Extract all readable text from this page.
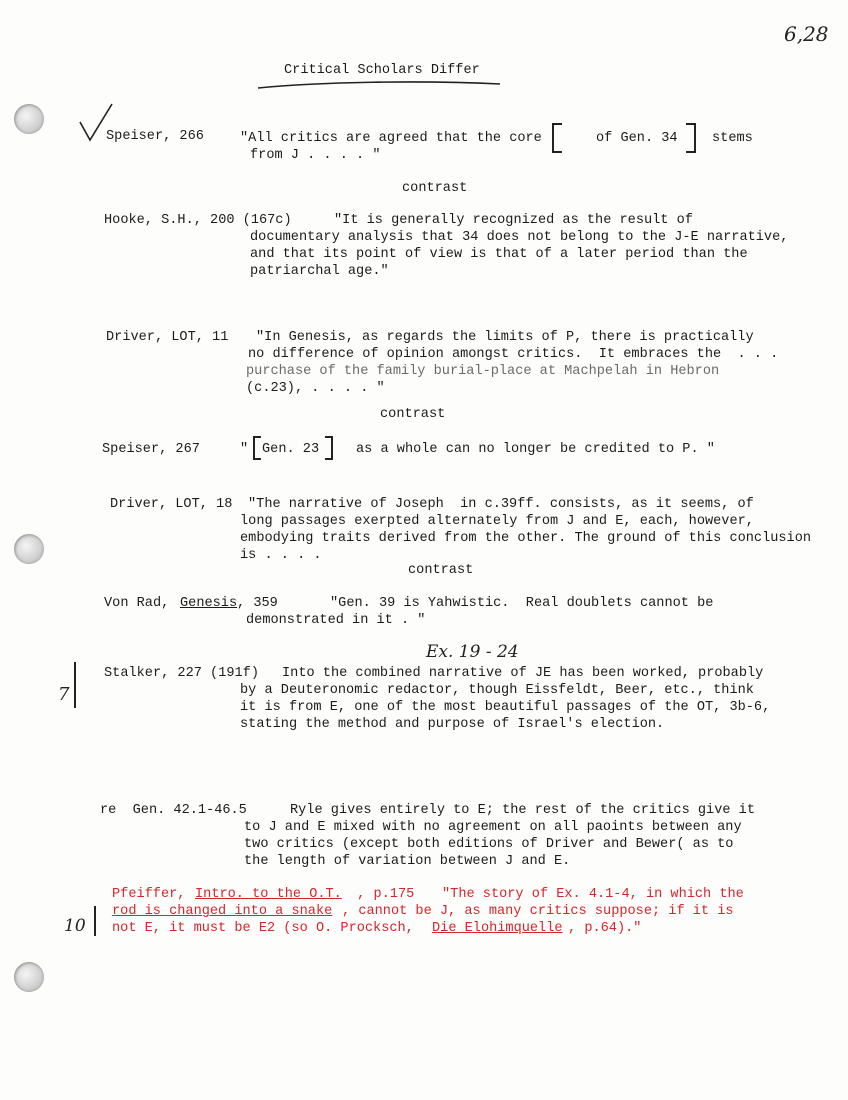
6,28
Critical Scholars Differ
Speiser, 266	"All critics are agreed that the core	of Gen. 34	stems
from J . . . . "
contrast
Hooke, S.H., 200 (167c)	"It is generally recognized as the result of
documentary analysis that 34 does not belong to the J-E narrative,
and that its point of view is that of a later period than the
patriarchal age."
Driver, LOT, 11 "In Genesis, as regards the limits of P, there is practically
no difference of opinion amongst critics.  It embraces the  . . .
purchase of the family burial-place at Machpelah in Hebron
(c.23), . . . . "
contrast
Speiser, 267	" Gen. 23	as a whole can no longer be credited to P. "
Driver, LOT, 18 "The narrative of Joseph  in c.39ff. consists, as it seems, of
long passages exerpted alternately from J and E, each, however,
embodying traits derived from the other. The ground of this conclusion
is . . . .
contrast
Von Rad, Genesis , 359	"Gen. 39 is Yahwistic.  Real doublets cannot be
demonstrated in it . "
7
Ex. 19 - 24
Stalker, 227 (191f) Into the combined narrative of JE has been worked, probably
by a Deuteronomic redactor, though Eissfeldt, Beer, etc., think
it is from E, one of the most beautiful passages of the OT, 3b-6,
stating the method and purpose of Israel's election.
re  Gen. 42.1-46.5	Ryle gives entirely to E; the rest of the critics give it
to J and E mixed with no agreement on all paoints between any
two critics (except both editions of Driver and Bewer( as to
the length of variation between J and E.
10
Pfeiffer, Intro. to the O.T. , p.175 "The story of Ex. 4.1-4, in which the
rod is changed into a snake , cannot be J, as many critics suppose; if it is
not E, it must be E2 (so O. Procksch, Die Elohimquelle , p.64)."
